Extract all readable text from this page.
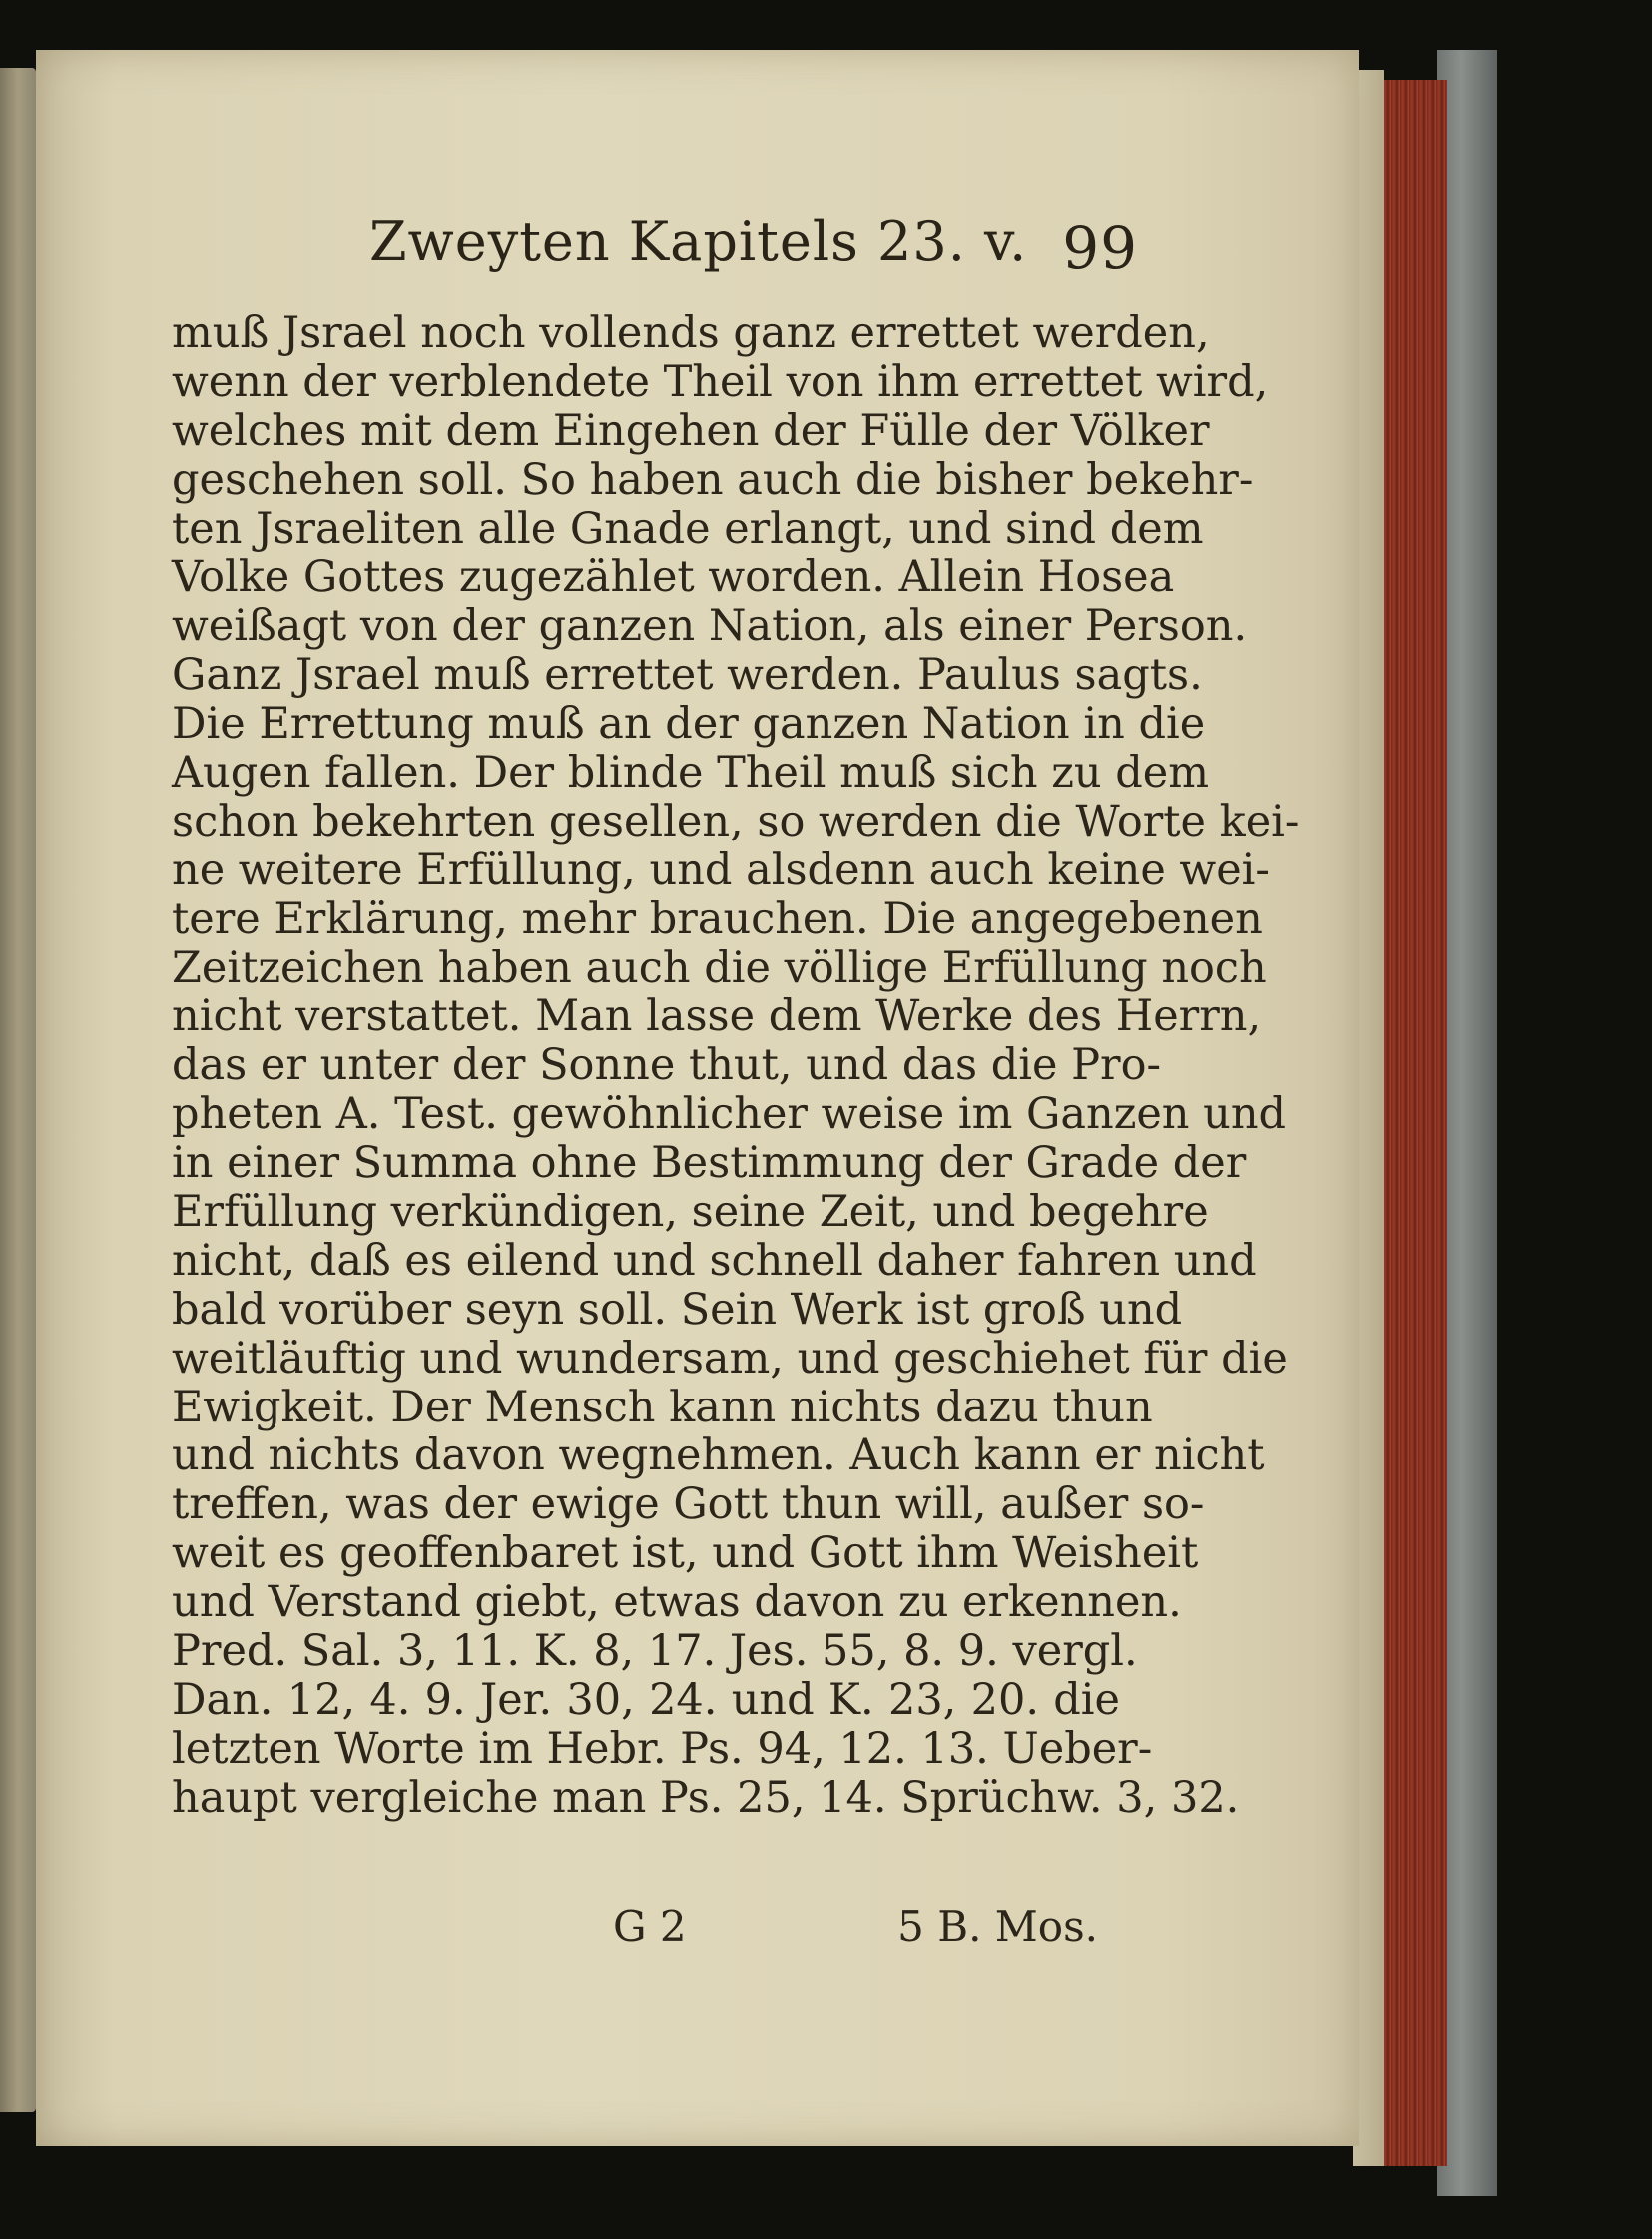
Zweyten Kapitels 23. v. 99
muß Jsrael noch vollends ganz errettet werden,
wenn der verblendete Theil von ihm errettet wird,
welches mit dem Eingehen der Fülle der Völker
geschehen soll. So haben auch die bisher bekehr-
ten Jsraeliten alle Gnade erlangt, und sind dem
Volke Gottes zugezählet worden. Allein Hosea
weißagt von der ganzen Nation, als einer Person.
Ganz Jsrael muß errettet werden. Paulus sagts.
Die Errettung muß an der ganzen Nation in die
Augen fallen. Der blinde Theil muß sich zu dem
schon bekehrten gesellen, so werden die Worte kei-
ne weitere Erfüllung, und alsdenn auch keine wei-
tere Erklärung, mehr brauchen. Die angegebenen
Zeitzeichen haben auch die völlige Erfüllung noch
nicht verstattet. Man lasse dem Werke des Herrn,
das er unter der Sonne thut, und das die Pro-
pheten A. Test. gewöhnlicher weise im Ganzen und
in einer Summa ohne Bestimmung der Grade der
Erfüllung verkündigen, seine Zeit, und begehre
nicht, daß es eilend und schnell daher fahren und
bald vorüber seyn soll. Sein Werk ist groß und
weitläuftig und wundersam, und geschiehet für die
Ewigkeit. Der Mensch kann nichts dazu thun
und nichts davon wegnehmen. Auch kann er nicht
treffen, was der ewige Gott thun will, außer so-
weit es geoffenbaret ist, und Gott ihm Weisheit
und Verstand giebt, etwas davon zu erkennen.
Pred. Sal. 3, 11. K. 8, 17. Jes. 55, 8. 9. vergl.
Dan. 12, 4. 9. Jer. 30, 24. und K. 23, 20. die
letzten Worte im Hebr. Ps. 94, 12. 13. Ueber-
haupt vergleiche man Ps. 25, 14. Sprüchw. 3, 32.
G 2	5 B. Mos.
